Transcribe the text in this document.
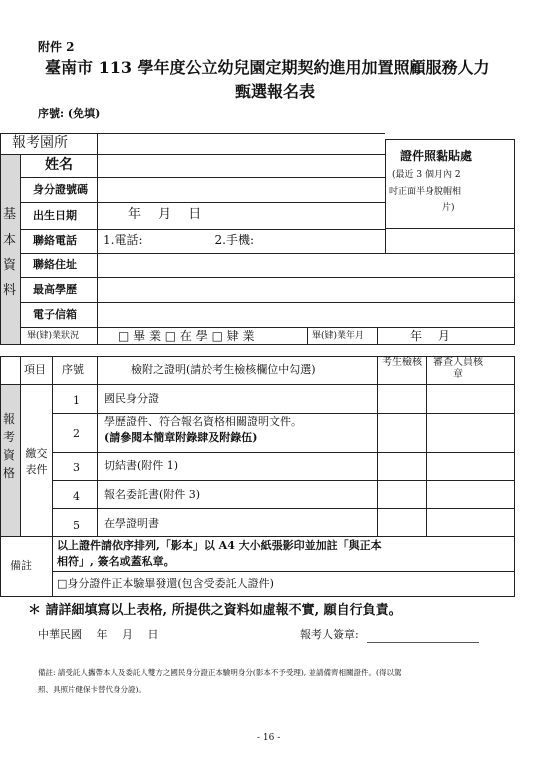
附件 2
臺南市 113 學年度公立幼兒園定期契約進用加置照顧服務人力
甄選報名表
序號: (免填)
基
本
資
料
報考園所
姓名
身分證號碼
出生日期	年　 月　 日
聯絡電話 1.電話:　　　　　　2.手機:
聯絡住址
最高學歷
電子信箱
畢(肄)業狀況	□ 畢 業 □ 在 學 □ 肄 業	畢(肄)業年月	年　 月
證件照黏貼處
(最近 3 個月內 2
吋正面半身脫帽相
片)
項目 序號	檢附之證明(請於考生檢核欄位中勾選)
考生檢核	審查人員核章
報
考
資
格
繳交表件
1 國民身分證
2
學歷證件、符合報名資格相關證明文件。
(請參閱本簡章附錄肆及附錄伍)
3 切結書(附件 1)
4 報名委託書(附件 3)
5 在學證明書
備註
以上證件請依序排列,「影本」以 A4 大小紙張影印並加註「與正本
相符」, 簽名或蓋私章。
□身分證件正本驗畢發還(包含受委託人證件)
＊ 請詳細填寫以上表格, 所提供之資料如虛報不實, 願自行負責。
中華民國　 年　 月　 日	報考人簽章:
備註: 請受託人攜帶本人及委託人雙方之國民身分證正本驗明身分(影本不予受理), 並請備齊相關證件。(得以駕
照、具照片健保卡替代身分證)。
- 16 -
